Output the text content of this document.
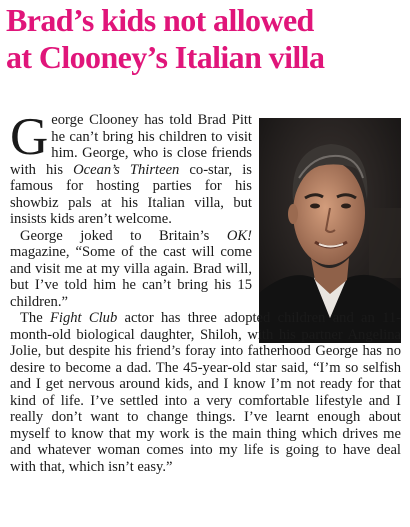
Brad’s kids not allowed
at Clooney’s Italian villa

George Clooney has told Brad Pitt he can’t bring his children to visit him. George, who is close friends with his Ocean’s Thirteen co-star, is famous for hosting parties for his showbiz pals at his Italian villa, but insists kids aren’t welcome.

George joked to Britain’s OK! magazine, “Some of the cast will come and visit me at my villa again. Brad will, but I’ve told him he can’t bring his 15 children.”

The Fight Club actor has three adopted children and an 11-month-old biological daughter, Shiloh, with his partner Angelina Jolie, but despite his friend’s foray into fatherhood George has no desire to become a dad. The 45-year-old star said, “I’m so selfish and I get nervous around kids, and I know I’m not ready for that kind of life. I’ve settled into a very comfortable lifestyle and I really don’t want to change things. I’ve learnt enough about myself to know that my work is the main thing which drives me and whatever woman comes into my life is going to have deal with that, which isn’t easy.”
